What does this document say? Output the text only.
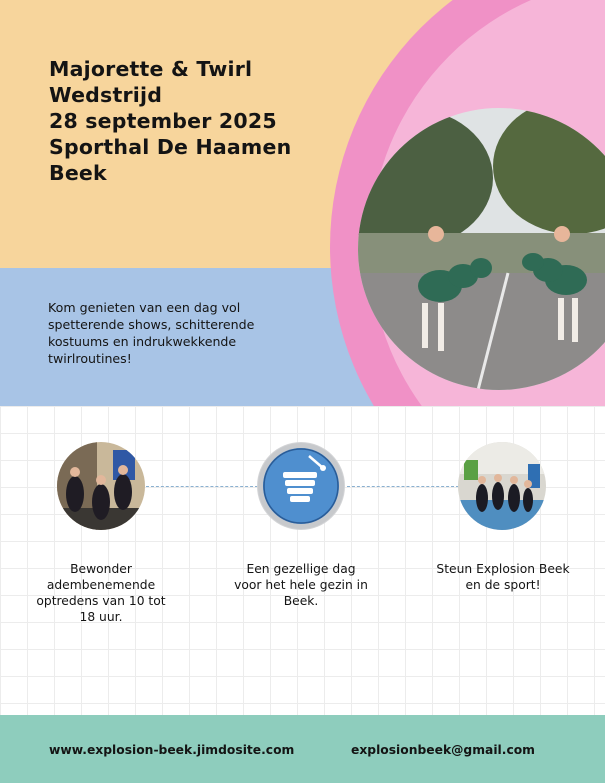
Majorette & Twirl
Wedstrijd
28 september 2025
Sporthal De Haamen
Beek

Kom genieten van een dag vol spetterende shows, schitterende kostuums en indrukwekkende twirlroutines!

Bewonder adembenemende optredens van 10 tot 18 uur.

Een gezellige dag voor het hele gezin in Beek.

Steun Explosion Beek en de sport!

www.explosion-beek.jimdosite.com	explosionbeek@gmail.com
